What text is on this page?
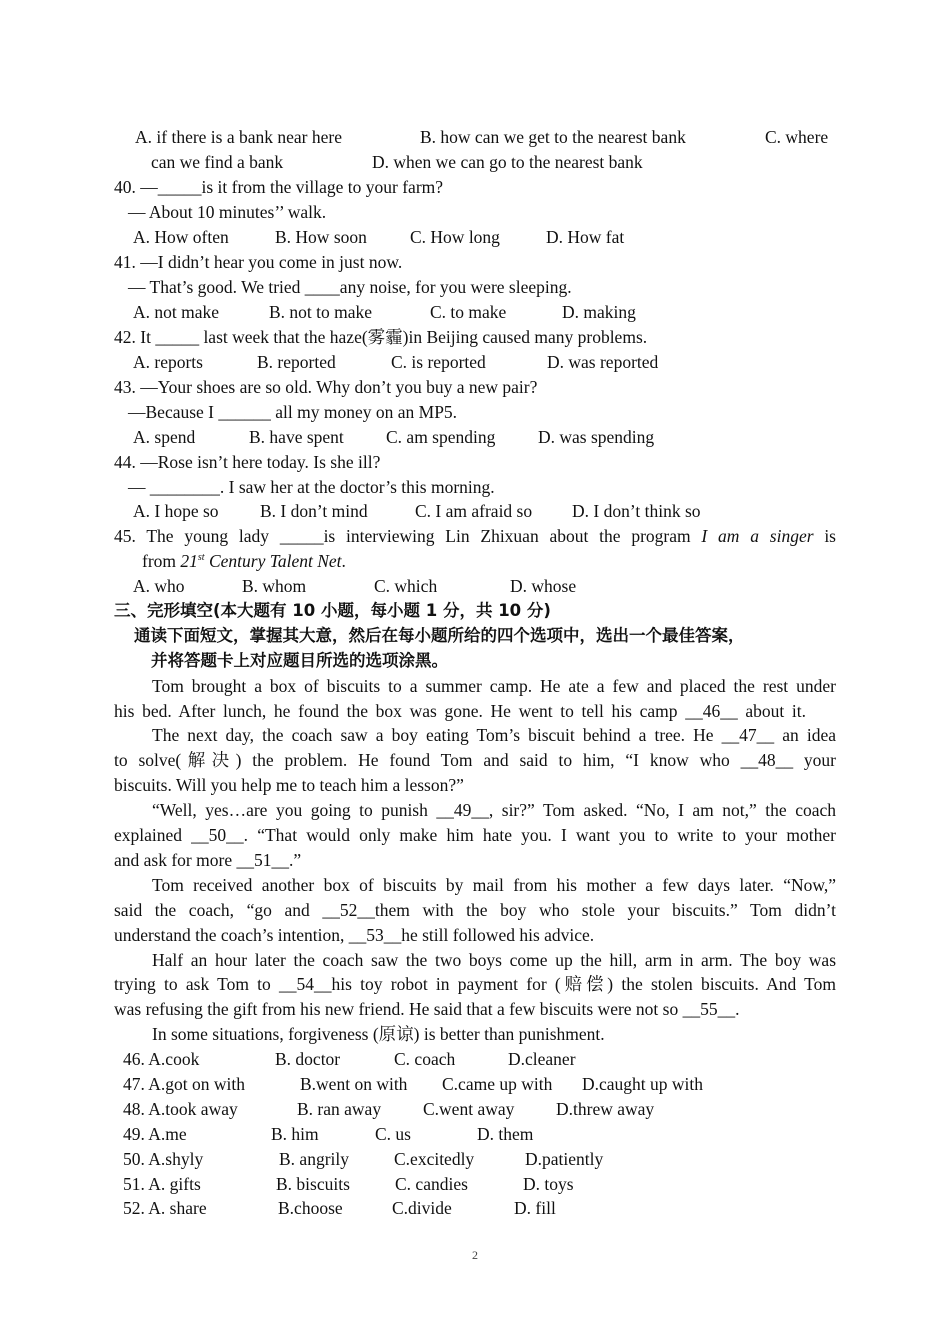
A. if there is a bank near here	B. how can we get to the nearest bank	C. where
can we find a bank	D. when we can go to the nearest bank
40. —_____is it from the village to your farm?
— About 10 minutes’’ walk.
A. How often	B. How soon C. How long	D. How fat
41. —I didn’t hear you come in just now.
— That’s good. We tried ____any noise, for you were sleeping.
A. not make	B. not to make	C. to make	D. making
42. It _____ last week that the haze(雾霾)in Beijing caused many problems.
A. reports	B. reported	C. is reported	D. was reported
43. —Your shoes are so old. Why don’t you buy a new pair?
—Because I ______ all my money on an MP5.
A. spend	B. have spent C. am spending D. was spending
44. —Rose isn’t here today. Is she ill?
— ________. I saw her at the doctor’s this morning.
A. I hope so B. I don’t mind	C. I am afraid so D. I don’t think so
45. The young lady _____is interviewing Lin Zhixuan about the program I am a singer is
from 21st Century Talent Net.
A. who	B. whom	C. which	D. whose
三、完形填空(本大题有 10 小题，每小题 1 分，共 10 分)
通读下面短文，掌握其大意，然后在每小题所给的四个选项中，选出一个最佳答案，
并将答题卡上对应题目所选的选项涂黑。
Tom brought a box of biscuits to a summer camp. He ate a few and placed the rest under
his bed. After lunch, he found the box was gone. He went to tell his camp __46__ about it.
The next day, the coach saw a boy eating Tom’s biscuit behind a tree. He __47__ an idea
to solve(解决) the problem. He found Tom and said to him, “I know who __48__ your
biscuits. Will you help me to teach him a lesson?”
“Well, yes…are you going to punish __49__, sir?” Tom asked. “No, I am not,” the coach
explained __50__. “That would only make him hate you. I want you to write to your mother
and ask for more __51__.”
Tom received another box of biscuits by mail from his mother a few days later. “Now,”
said the coach, “go and __52__them with the boy who stole your biscuits.” Tom didn’t
understand the coach’s intention, __53__he still followed his advice.
Half an hour later the coach saw the two boys come up the hill, arm in arm. The boy was
trying to ask Tom to __54__his toy robot in payment for (赔偿) the stolen biscuits. And Tom
was refusing the gift from his new friend. He said that a few biscuits were not so __55__.
In some situations, forgiveness (原谅) is better than punishment.
46. A.cook	B. doctor	C. coach	D.cleaner
47. A.got on with	B.went on with C.came up with D.caught up with
48. A.took away	B. ran away C.went away D.threw away
49. A.me	B. him	C. us	D. them
50. A.shyly	B. angrily	C.excitedly	D.patiently
51. A. gifts	B. biscuits	C. candies	D. toys
52. A. share	B.choose	C.divide	D. fill
2
